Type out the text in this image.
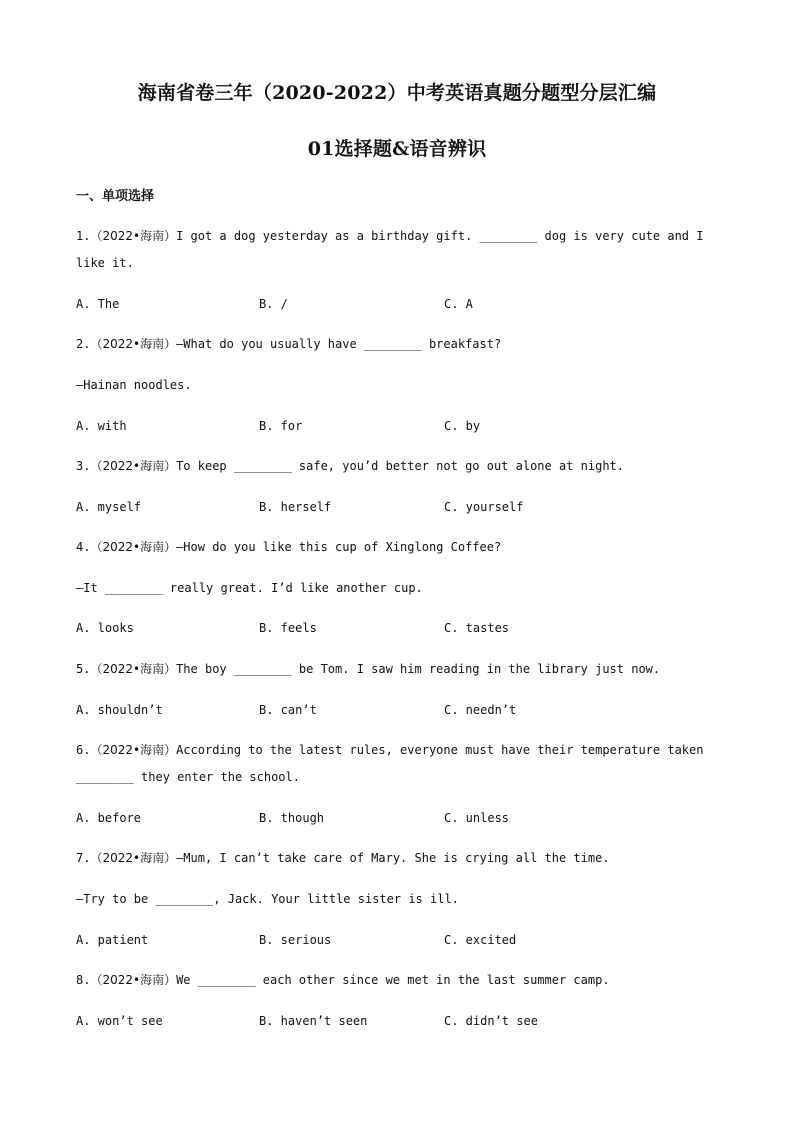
海南省卷三年（2020-2022）中考英语真题分题型分层汇编
01选择题&语音辨识
一、单项选择
1.（2022•海南）I got a dog yesterday as a birthday gift. ________ dog is very cute and I
like it.
A. The	B. /	C. A
2.（2022•海南）—What do you usually have ________ breakfast?
—Hainan noodles.
A. with	B. for	C. by
3.（2022•海南）To keep ________ safe, you’d better not go out alone at night.
A. myself	B. herself	C. yourself
4.（2022•海南）—How do you like this cup of Xinglong Coffee?
—It ________ really great. I’d like another cup.
A. looks	B. feels	C. tastes
5.（2022•海南）The boy ________ be Tom. I saw him reading in the library just now.
A. shouldn’t	B. can’t	C. needn’t
6.（2022•海南）According to the latest rules, everyone must have their temperature taken
________ they enter the school.
A. before	B. though	C. unless
7.（2022•海南）—Mum, I can’t take care of Mary. She is crying all the time.
—Try to be ________, Jack. Your little sister is ill.
A. patient	B. serious	C. excited
8.（2022•海南）We ________ each other since we met in the last summer camp.
A. won’t see	B. haven’t seen	C. didn’t see
